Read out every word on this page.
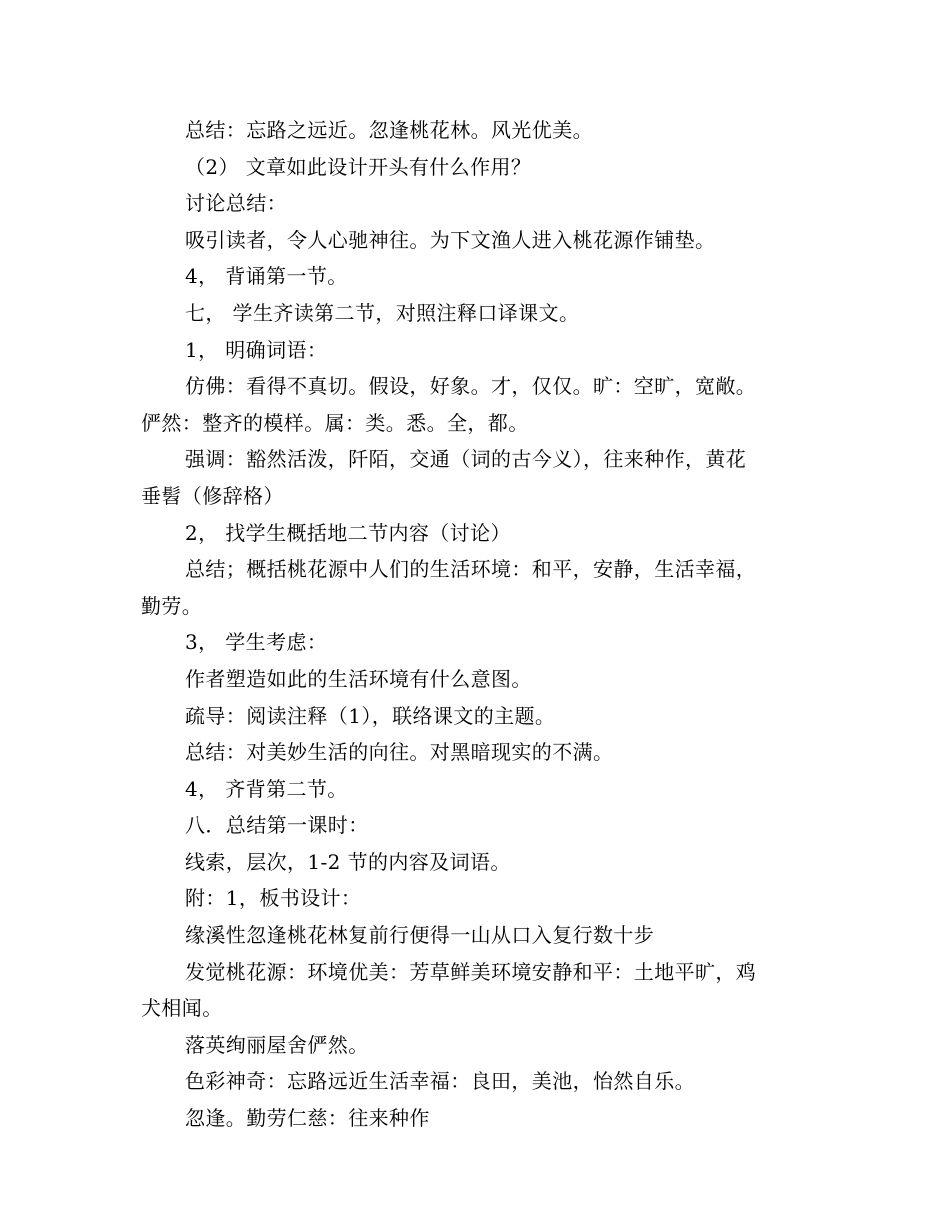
总结：忘路之远近。忽逢桃花林。风光优美。
（2） 文章如此设计开头有什么作用？
讨论总结：
吸引读者，令人心驰神往。为下文渔人进入桃花源作铺垫。
4， 背诵第一节。
七， 学生齐读第二节，对照注释口译课文。
1， 明确词语：
仿佛：看得不真切。假设，好象。才，仅仅。旷：空旷，宽敞。
俨然：整齐的模样。属：类。悉。全，都。
强调：豁然活泼，阡陌，交通（词的古今义），往来种作，黄花
垂髫（修辞格）
2， 找学生概括地二节内容（讨论）
总结；概括桃花源中人们的生活环境：和平，安静，生活幸福，
勤劳。
3， 学生考虑：
作者塑造如此的生活环境有什么意图。
疏导：阅读注释（1），联络课文的主题。
总结：对美妙生活的向往。对黑暗现实的不满。
4， 齐背第二节。
八．总结第一课时：
线索，层次，1-2 节的内容及词语。
附：1，板书设计：
缘溪性忽逢桃花林复前行便得一山从口入复行数十步
发觉桃花源：环境优美：芳草鲜美环境安静和平：土地平旷，鸡
犬相闻。
落英绚丽屋舍俨然。
色彩神奇：忘路远近生活幸福：良田，美池，怡然自乐。
忽逢。勤劳仁慈：往来种作
